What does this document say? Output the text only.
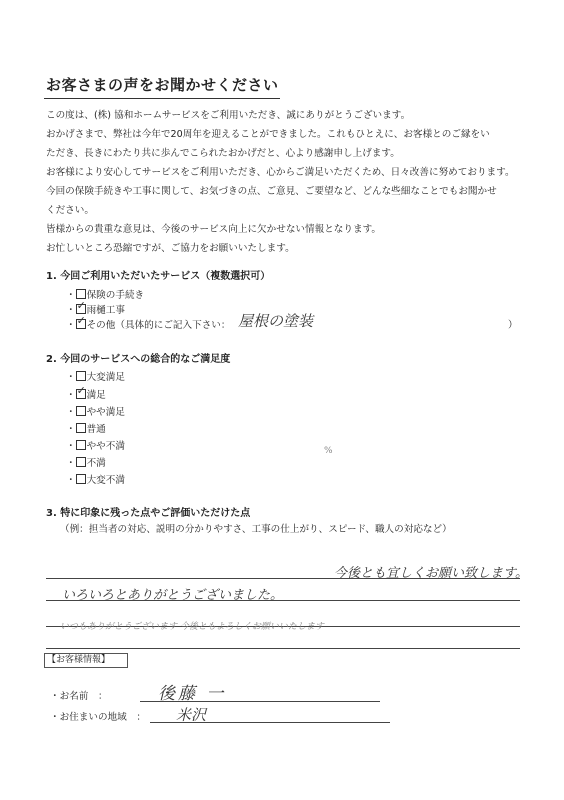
お客さまの声をお聞かせください
この度は、(株) 協和ホームサービスをご利用いただき、誠にありがとうございます。
おかげさまで、弊社は今年で20周年を迎えることができました。これもひとえに、お客様とのご縁をい
ただき、長きにわたり共に歩んでこられたおかげだと、心より感謝申し上げます。
お客様により安心してサービスをご利用いただき、心からご満足いただくため、日々改善に努めております。
今回の保険手続きや工事に関して、お気づきの点、ご意見、ご要望など、どんな些細なことでもお聞かせ
ください。
皆様からの貴重な意見は、今後のサービス向上に欠かせない情報となります。
お忙しいところ恐縮ですが、ご協力をお願いいたします。
1. 今回ご利用いただいたサービス（複数選択可）
・ 保険の手続き
・ ✓ 雨樋工事
・ ✓ その他（具体的にご記入下さい： 屋根の塗装	）
2. 今回のサービスへの総合的なご満足度
・ 大変満足
・ ✓ 満足
・ やや満足
・ 普通
・ やや不満
・ 不満
・ 大変不満
%
3. 特に印象に残った点やご評価いただけた点
（例：担当者の対応、説明の分かりやすさ、工事の仕上がり、スピード、職人の対応など）
今後とも宜しくお願い致します。
いろいろとありがとうございました。
いつもありがとうございます 今後ともよろしくお願いいたします
【お客様情報】
・お名前　：	後藤 一
・お住まいの地域　： 米沢
